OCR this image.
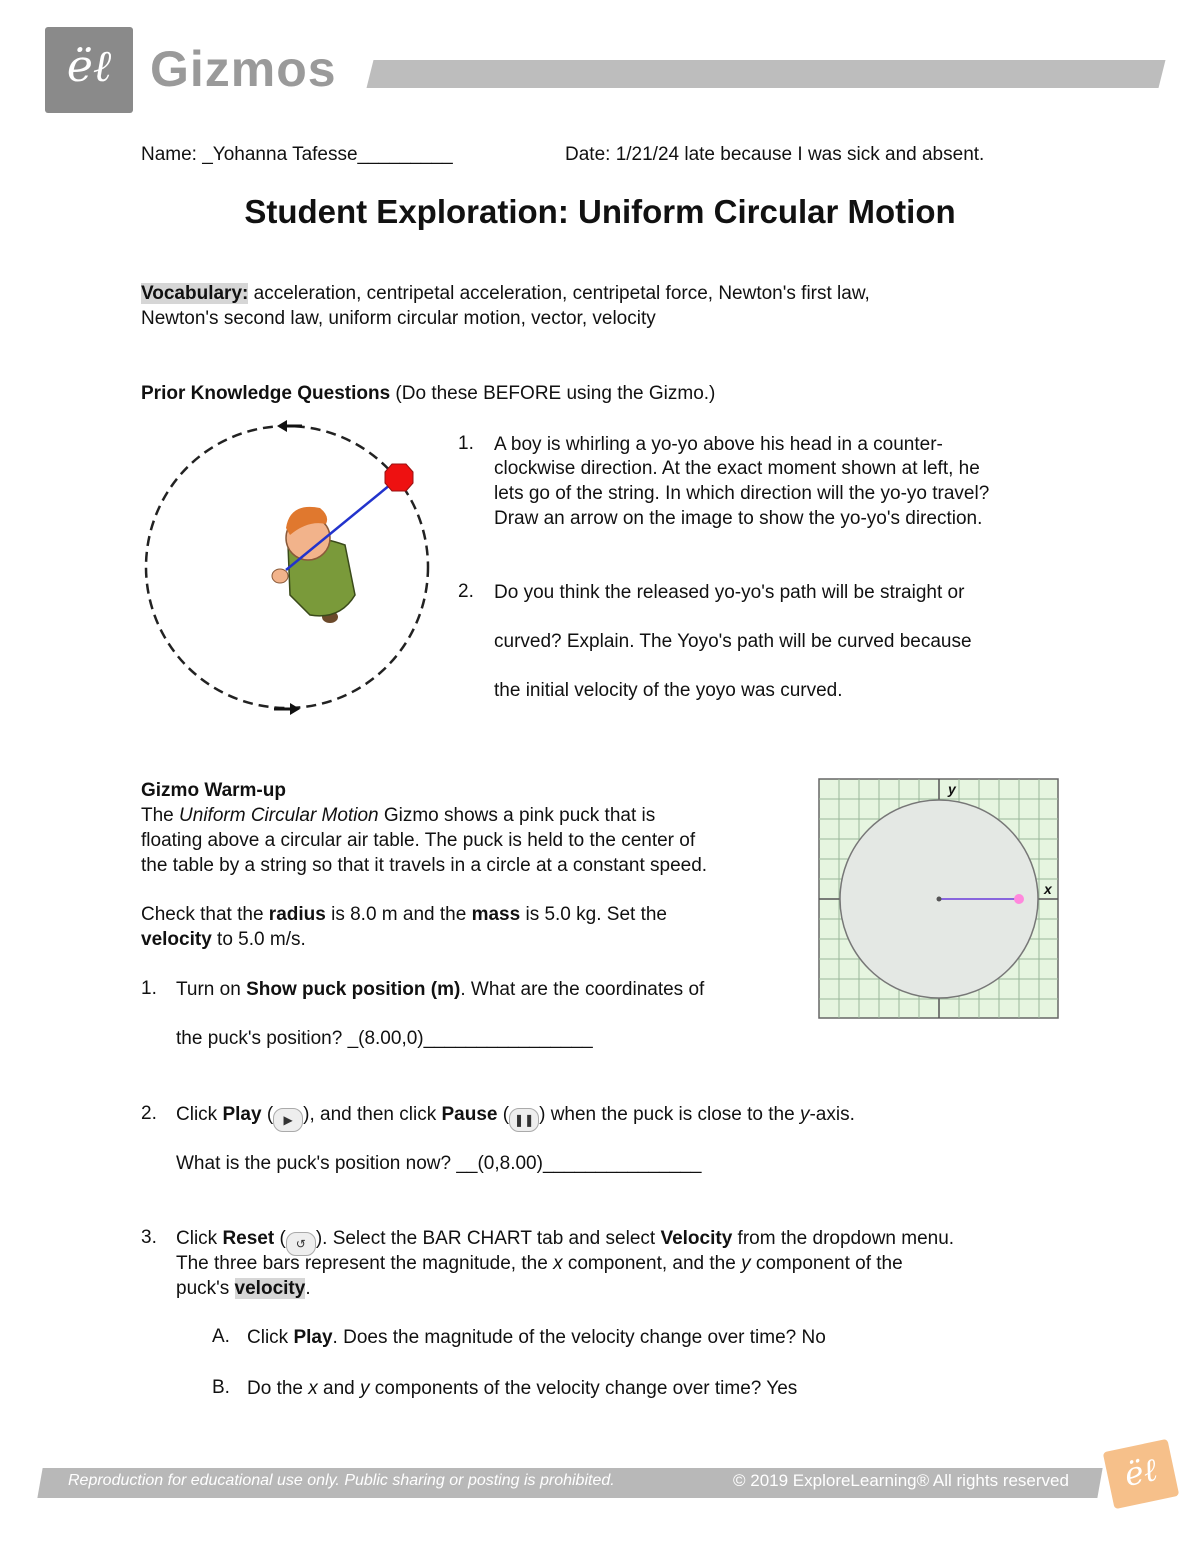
ëℓ Gizmos
Name: _Yohanna Tafesse_________	Date: 1/21/24 late because I was sick and absent.
Student Exploration: Uniform Circular Motion
Vocabulary: acceleration, centripetal acceleration, centripetal force, Newton's first law,
Newton's second law, uniform circular motion, vector, velocity
Prior Knowledge Questions (Do these BEFORE using the Gizmo.)
1. A boy is whirling a yo-yo above his head in a counter-
clockwise direction. At the exact moment shown at left, he
lets go of the string. In which direction will the yo-yo travel?
Draw an arrow on the image to show the yo-yo's direction.
2. Do you think the released yo-yo's path will be straight or
curved? Explain. The Yoyo's path will be curved because
the initial velocity of the yoyo was curved.
Gizmo Warm-up
The Uniform Circular Motion Gizmo shows a pink puck that is
floating above a circular air table. The puck is held to the center of
the table by a string so that it travels in a circle at a constant speed.
Check that the radius is 8.0 m and the mass is 5.0 kg. Set the
velocity to 5.0 m/s.
y
x
1. Turn on Show puck position (m). What are the coordinates of
the puck's position? _(8.00,0)________________
2. Click Play ( ▶ ), and then click Pause ( ❚❚ ) when the puck is close to the y-axis.
What is the puck's position now? __(0,8.00)_______________
3. Click Reset ( ↺ ). Select the BAR CHART tab and select Velocity from the dropdown menu.
The three bars represent the magnitude, the x component, and the y component of the
puck's velocity.
A. Click Play. Does the magnitude of the velocity change over time? No
B. Do the x and y components of the velocity change over time? Yes
Reproduction for educational use only. Public sharing or posting is prohibited.	© 2019 ExploreLearning® All rights reserved	ëℓ
